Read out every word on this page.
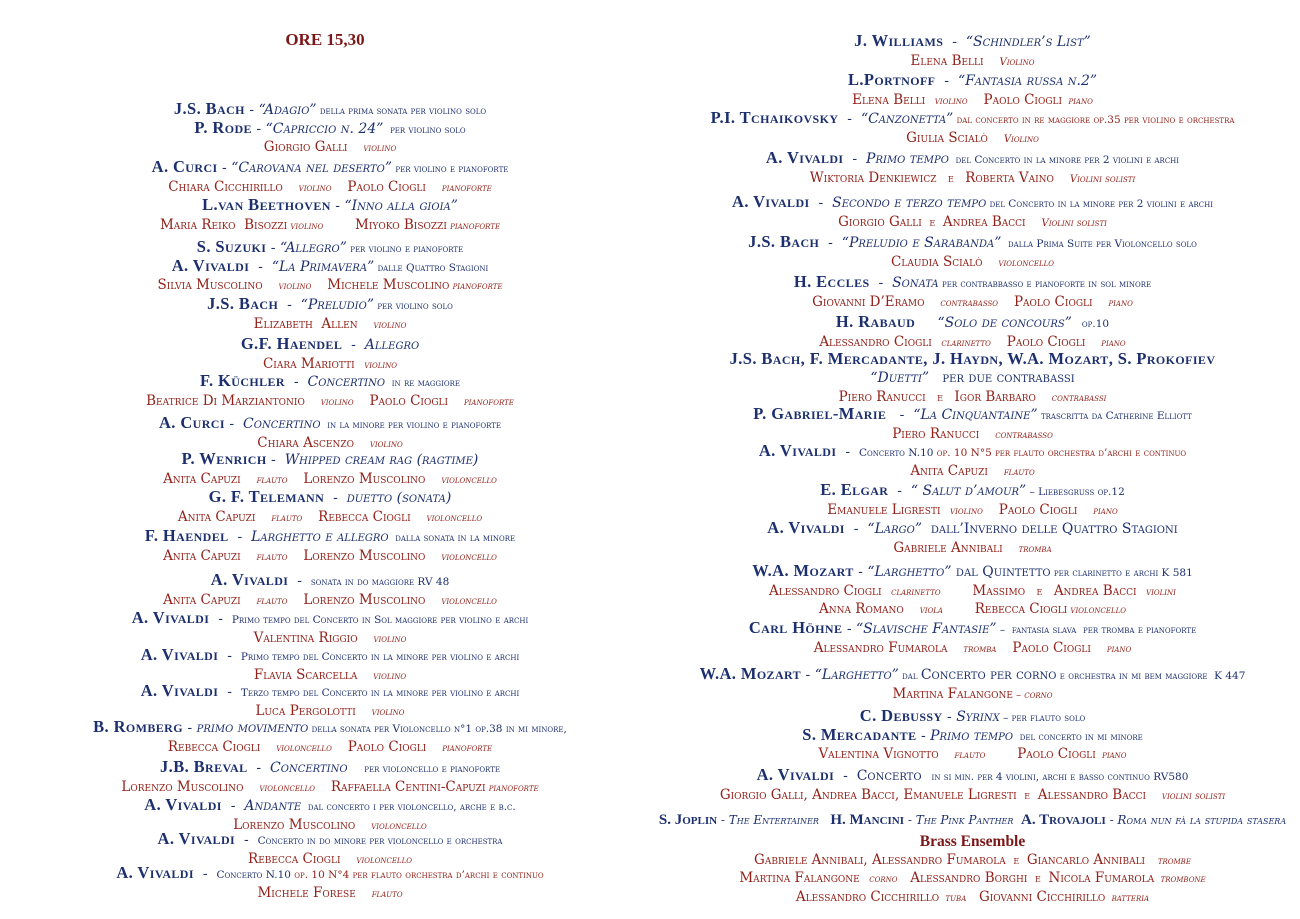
ORE 15,30
J.S. Bach - “Adagio” della prima sonata per violino solo
P. Rode - “Capriccio n. 24”  per violino solo
Giorgio Galli     violino
A. Curci - “Carovana nel deserto” per violino e pianoforte
Chiara Cicchirillo     violino     Paolo Ciogli     pianoforte
L.van Beethoven - “Inno alla gioia”
Maria Reiko  Bisozzi violino          Miyoko Bisozzi pianoforte
S. Suzuki - “Allegro” per violino e pianoforte
A. Vivaldi  -  “La Primavera” dalle Quattro Stagioni
Silvia Muscolino     violino     Michele Muscolino pianoforte
J.S. Bach  -  “Preludio” per violino solo
Elizabeth  Allen     violino
G.F. Haendel  -  Allegro
Ciara Mariotti   violino
F. Küchler  -  Concertino  in re maggiore
Beatrice Di Marziantonio     violino     Paolo Ciogli     pianoforte
A. Curci -  Concertino  in la minore per violino e pianoforte
Chiara Ascenzo     violino
P. Wenrich -  Whipped cream rag (ragtime)
Anita Capuzi     flauto     Lorenzo Muscolino     violoncello
G. F. Telemann  -  duetto (sonata)
Anita Capuzi     flauto     Rebecca Ciogli     violoncello
F. Haendel  -  Larghetto e allegro  dalla sonata in la minore
Anita Capuzi     flauto     Lorenzo Muscolino     violoncello
A. Vivaldi  -  sonata in do maggiore RV 48
Anita Capuzi     flauto     Lorenzo Muscolino     violoncello
A. Vivaldi  -  Primo tempo del Concerto in Sol maggiore per violino e archi
Valentina Riggio     violino
A. Vivaldi  -  Primo tempo del Concerto in la minore per violino e archi
Flavia Scarcella     violino
A. Vivaldi  -  Terzo tempo del Concerto in la minore per violino e archi
Luca Pergolotti     violino
B. Romberg - primo movimento della sonata per Violoncello n°1 op.38 in mi minore,
Rebecca Ciogli     violoncello     Paolo Ciogli     pianoforte
J.B. Breval  -  Concertino     per violoncello e pianoforte
Lorenzo Muscolino     violoncello     Raffaella Centini-Capuzi pianoforte
A. Vivaldi  -  Andante  dal concerto i per violoncello, arche e b.c.
Lorenzo Muscolino     violoncello
A. Vivaldi  -  Concerto in do minore per violoncello e orchestra
Rebecca Ciogli     violoncello
A. Vivaldi  -  Concerto N.10 op. 10 N°4 per flauto orchestra d’archi e continuo
Michele Forese     flauto
J. Williams  -  “Schindler’s List”
Elena Belli     Violino
L.Portnoff  -  “Fantasia russa n.2”
Elena Belli   violino     Paolo Ciogli  piano
P.I. Tchaikovsky  -  “Canzonetta” dal concerto in re maggiore op.35 per violino e orchestra
Giulia Scialò     Violino
A. Vivaldi  -  Primo tempo  del Concerto in la minore per 2 violini e archi
Wiktoria Denkiewicz   e   Roberta Vaino     Violini solisti
A. Vivaldi  -  Secondo e terzo tempo del Concerto in la minore per 2 violini e archi
Giorgio Galli  e  Andrea Bacci     Violini solisti
J.S. Bach  -  “Preludio e Sarabanda”  dalla Prima Suite per Violoncello solo
Claudia Scialò     violoncello
H. Eccles  -  Sonata per contrabbasso e pianoforte in sol minore
Giovanni D’Eramo     contrabasso     Paolo Ciogli     piano
H. Rabaud “Solo de concours”   op.10
Alessandro Ciogli   clarinetto     Paolo Ciogli     piano
J.S. Bach, F. Mercadante, J. Haydn, W.A. Mozart, S. Prokofiev
“Duetti”   per due contrabassi
Piero Ranucci   e   Igor Barbaro     contrabassi
P. Gabriel-Marie   -  “La Cinquantaine” trascritta da Catherine Elliott
Piero Ranucci     contrabasso
A. Vivaldi  -  Concerto N.10 op. 10 N°5 per flauto orchestra d’archi e continuo
Anita Capuzi     flauto
E. Elgar  -  “ Salut d’amour” – Liebesgruss op.12
Emanuele Ligresti   violino     Paolo Ciogli     piano
A. Vivaldi  -  “Largo”  dall’Inverno delle Quattro Stagioni
Gabriele Annibali     tromba
W.A. Mozart - “Larghetto” dal Quintetto per clarinetto e archi K 581
Alessandro Ciogli   clarinetto          Massimo   e   Andrea Bacci   violini
Anna Romano     viola          Rebecca Ciogli violoncello
Carl Höhne - “Slavische Fantasie” –  fantasia slava  per tromba e pianoforte
Alessandro Fumarola     tromba     Paolo Ciogli     piano
W.A. Mozart - “Larghetto” dal Concerto per corno e orchestra in mi bem maggiore  K 447
Martina Falangone – corno
C. Debussy - Syrinx – per flauto solo
S. Mercadante - Primo tempo  del concerto in mi minore
Valentina Vignotto     flauto          Paolo Ciogli  piano
A. Vivaldi  -  Concerto   in si min. per 4 violini, archi e basso continuo RV580
Giorgio Galli, Andrea Bacci, Emanuele Ligresti  e  Alessandro Bacci     violini solisti
S. Joplin - The Entertainer   H. Mancini - The Pink Panther  A. Trovajoli - Roma nun fà la stupida stasera
Brass Ensemble
Gabriele Annibali, Alessandro Fumarola  e  Giancarlo Annibali    trombe
Martina Falangone   corno    Alessandro Borghi  e  Nicola Fumarola  trombone
Alessandro Cicchirillo  tuba    Giovanni Cicchirillo  batteria
